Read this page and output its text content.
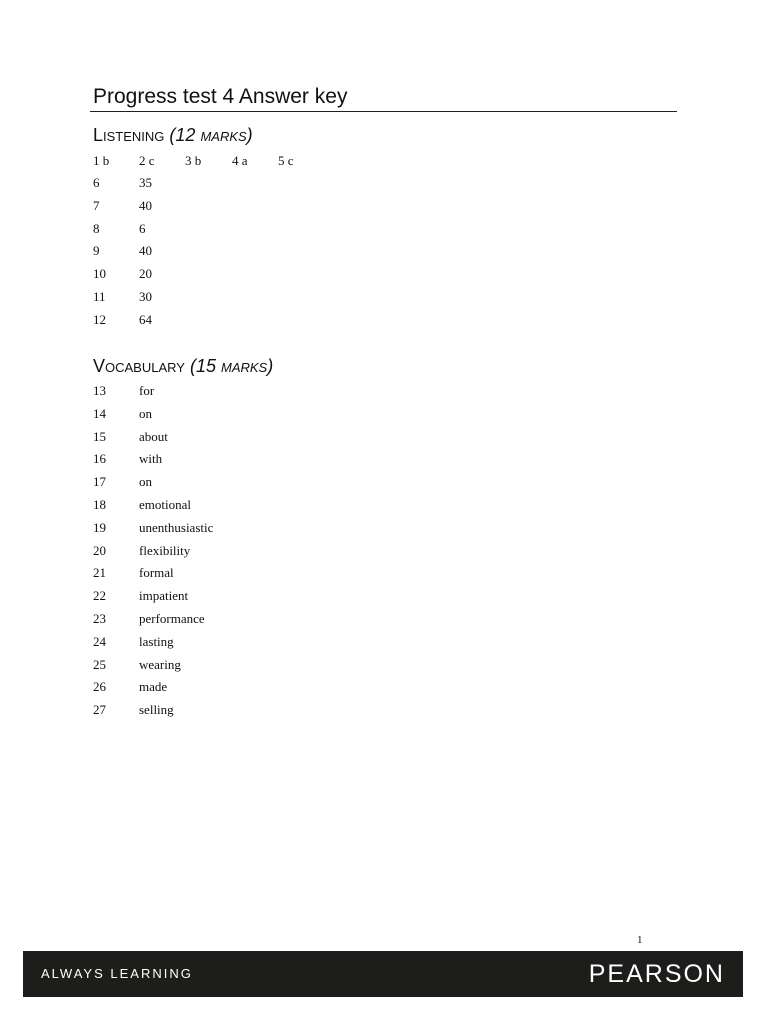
Progress test 4 Answer key
Listening (12 marks)
1 b 2 c 3 b 4 a 5 c
6	35
7	40
8	6
9	40
10	20
11	30
12	64
Vocabulary (15 marks)
13	for
14	on
15	about
16	with
17	on
18	emotional
19	unenthusiastic
20	flexibility
21	formal
22	impatient
23	performance
24	lasting
25	wearing
26	made
27	selling
1
ALWAYS LEARNING	PEARSON
